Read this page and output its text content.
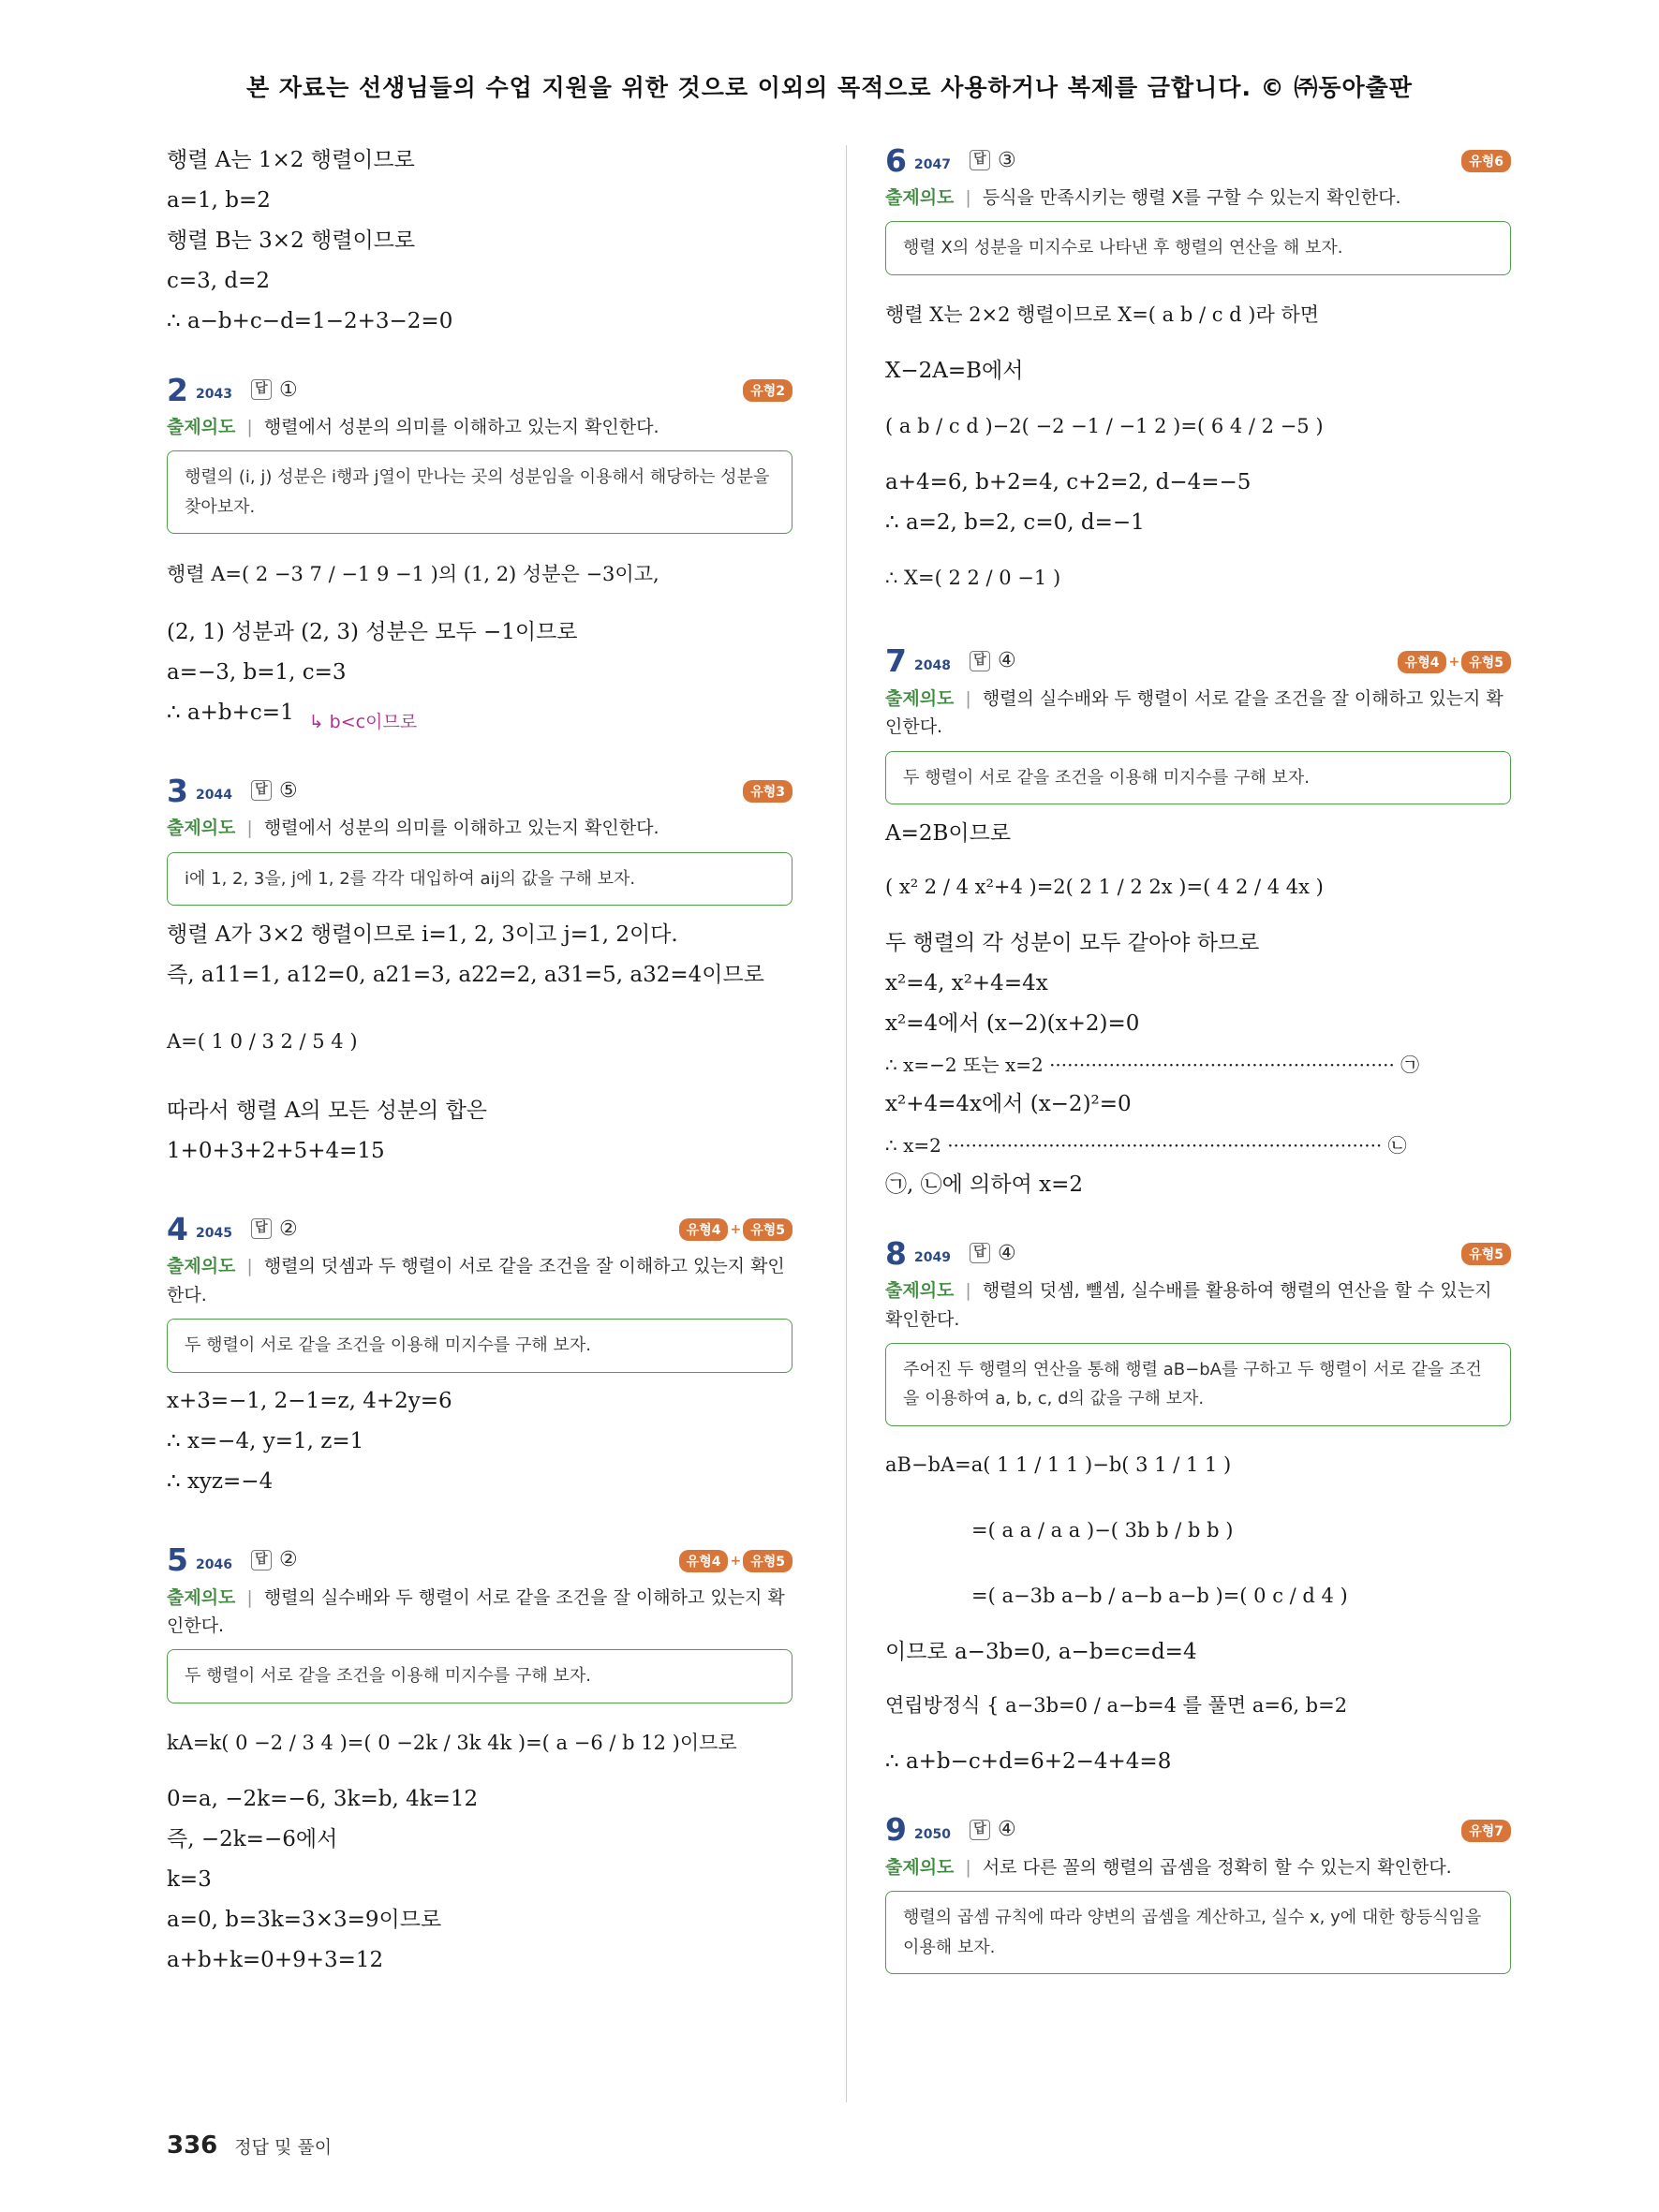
본 자료는 선생님들의 수업 지원을 위한 것으로 이외의 목적으로 사용하거나 복제를 금합니다. © ㈜동아출판
행렬 A는 1×2 행렬이므로
a=1, b=2
행렬 B는 3×2 행렬이므로
c=3, d=2
∴ a−b+c−d=1−2+3−2=0
2 2043	답 ①	유형2
출제의도 | 행렬에서 성분의 의미를 이해하고 있는지 확인한다.
행렬의 (i, j) 성분은 i행과 j열이 만나는 곳의 성분임을 이용해서 해당하는 성분을 찾아보자.
행렬 A=( 2 −3 7 / −1 9 −1 )의 (1, 2) 성분은 −3이고,
(2, 1) 성분과 (2, 3) 성분은 모두 −1이므로
a=−3, b=1, c=3
∴ a+b+c=1 ↳ b<c이므로
3 2044	답 ⑤	유형3
출제의도 | 행렬에서 성분의 의미를 이해하고 있는지 확인한다.
i에 1, 2, 3을, j에 1, 2를 각각 대입하여 aij의 값을 구해 보자.
행렬 A가 3×2 행렬이므로 i=1, 2, 3이고 j=1, 2이다.
즉, a11=1, a12=0, a21=3, a22=2, a31=5, a32=4이므로
A=( 1 0 / 3 2 / 5 4 )
따라서 행렬 A의 모든 성분의 합은
1+0+3+2+5+4=15
4 2045	답 ②	유형4 + 유형5
출제의도 | 행렬의 덧셈과 두 행렬이 서로 같을 조건을 잘 이해하고 있는지 확인한다.
두 행렬이 서로 같을 조건을 이용해 미지수를 구해 보자.
x+3=−1, 2−1=z, 4+2y=6
∴ x=−4, y=1, z=1
∴ xyz=−4
5 2046	답 ②	유형4 + 유형5
출제의도 | 행렬의 실수배와 두 행렬이 서로 같을 조건을 잘 이해하고 있는지 확인한다.
두 행렬이 서로 같을 조건을 이용해 미지수를 구해 보자.
kA=k( 0 −2 / 3 4 )=( 0 −2k / 3k 4k )=( a −6 / b 12 )이므로
0=a, −2k=−6, 3k=b, 4k=12
즉, −2k=−6에서
k=3
a=0, b=3k=3×3=9이므로
a+b+k=0+9+3=12
6 2047	답 ③	유형6
출제의도 | 등식을 만족시키는 행렬 X를 구할 수 있는지 확인한다.
행렬 X의 성분을 미지수로 나타낸 후 행렬의 연산을 해 보자.
행렬 X는 2×2 행렬이므로 X=( a b / c d )라 하면
X−2A=B에서
( a b / c d )−2( −2 −1 / −1 2 )=( 6 4 / 2 −5 )
a+4=6, b+2=4, c+2=2, d−4=−5
∴ a=2, b=2, c=0, d=−1
∴ X=( 2 2 / 0 −1 )
7 2048	답 ④	유형4 + 유형5
출제의도 | 행렬의 실수배와 두 행렬이 서로 같을 조건을 잘 이해하고 있는지 확인한다.
두 행렬이 서로 같을 조건을 이용해 미지수를 구해 보자.
A=2B이므로
( x² 2 / 4 x²+4 )=2( 2 1 / 2 2x )=( 4 2 / 4 4x )
두 행렬의 각 성분이 모두 같아야 하므로
x²=4, x²+4=4x
x²=4에서 (x−2)(x+2)=0
∴ x=−2 또는 x=2 ·························································· ㉠
x²+4=4x에서 (x−2)²=0
∴ x=2 ········································································· ㉡
㉠, ㉡에 의하여 x=2
8 2049	답 ④	유형5
출제의도 | 행렬의 덧셈, 뺄셈, 실수배를 활용하여 행렬의 연산을 할 수 있는지 확인한다.
주어진 두 행렬의 연산을 통해 행렬 aB−bA를 구하고 두 행렬이 서로 같을 조건을 이용하여 a, b, c, d의 값을 구해 보자.
aB−bA=a( 1 1 / 1 1 )−b( 3 1 / 1 1 )
=( a a / a a )−( 3b b / b b )
=( a−3b a−b / a−b a−b )=( 0 c / d 4 )
이므로 a−3b=0, a−b=c=d=4
연립방정식 { a−3b=0 / a−b=4 를 풀면 a=6, b=2
∴ a+b−c+d=6+2−4+4=8
9 2050	답 ④	유형7
출제의도 | 서로 다른 꼴의 행렬의 곱셈을 정확히 할 수 있는지 확인한다.
행렬의 곱셈 규칙에 따라 양변의 곱셈을 계산하고, 실수 x, y에 대한 항등식임을 이용해 보자.
336 정답 및 풀이
